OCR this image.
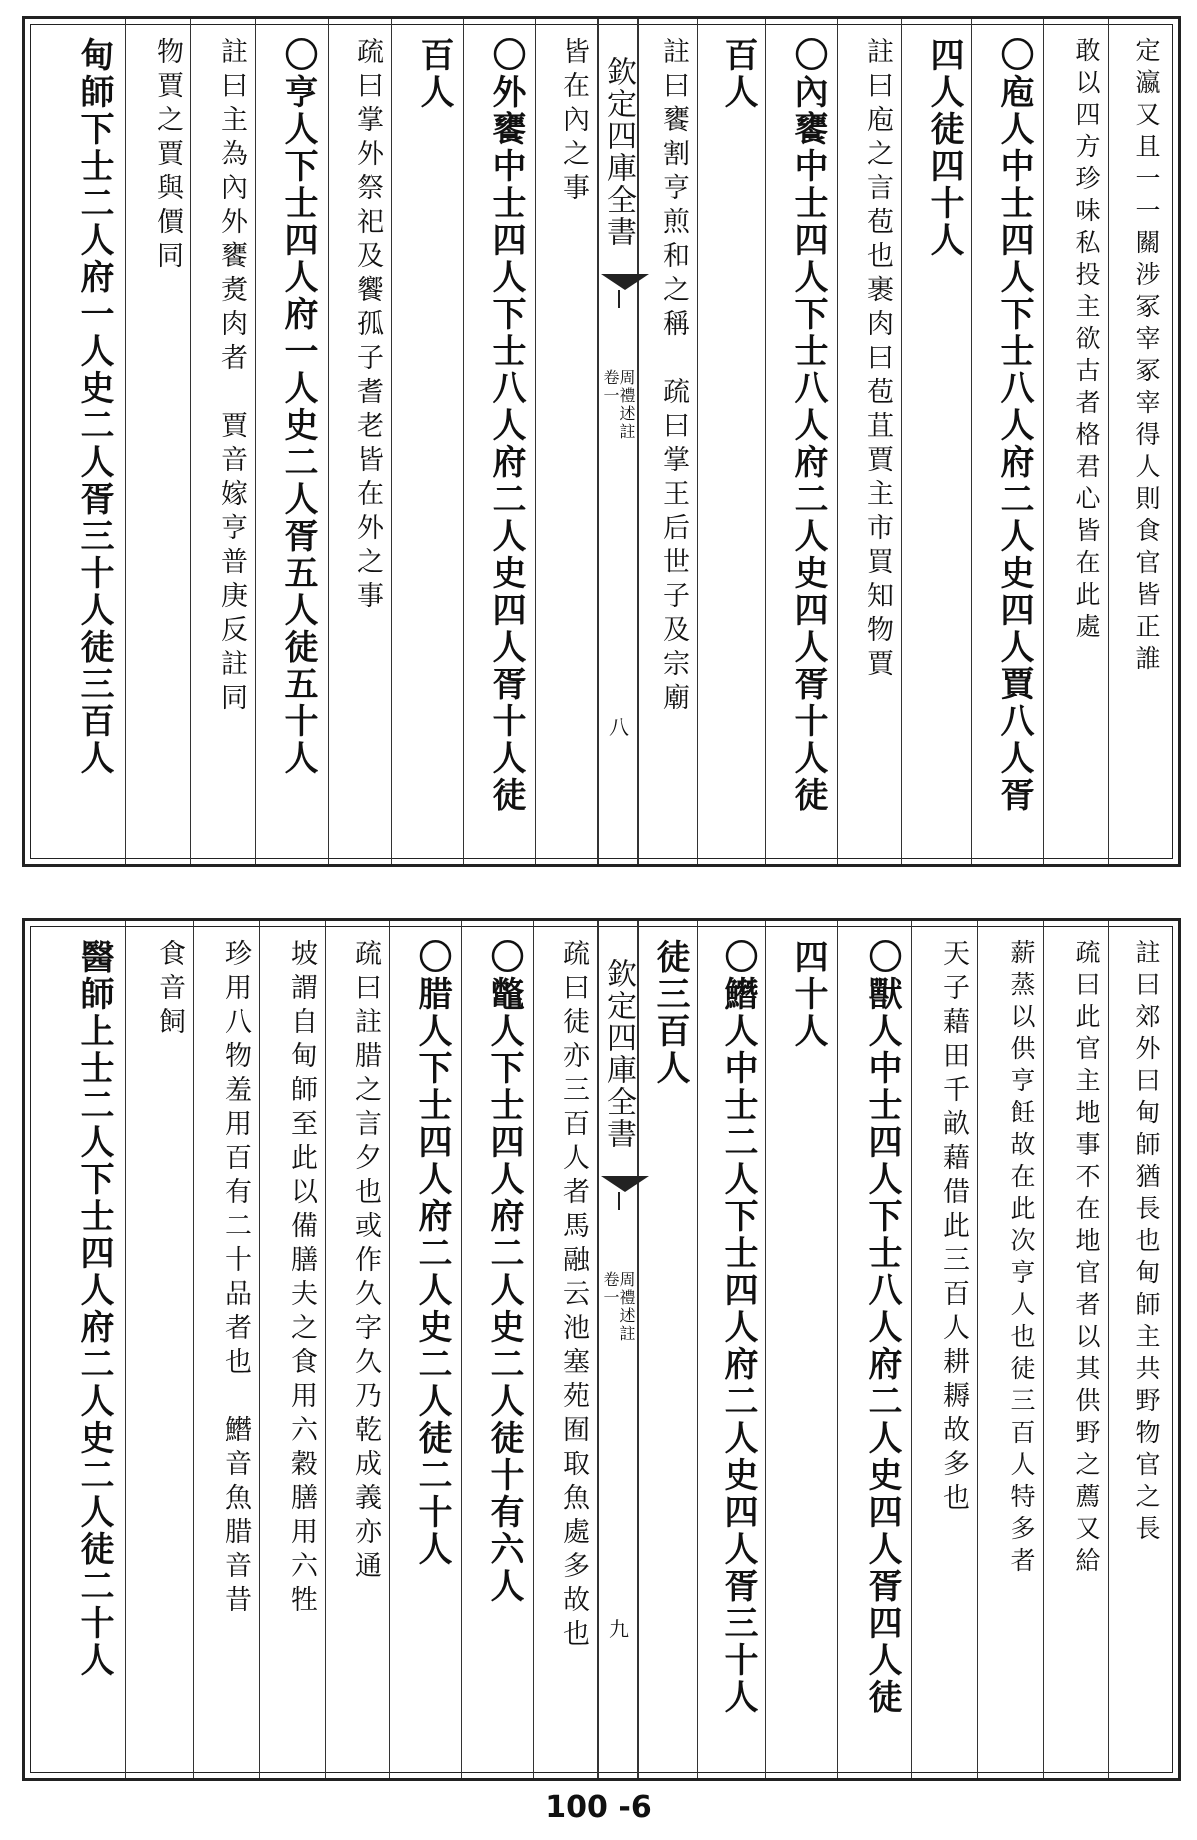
定瀛又且一一關涉冢宰冢宰得人則食官皆正誰
敢以四方珍味私投主欲古者格君心皆在此處
〇庖人中士四人下士八人府二人史四人賈八人胥
四人徒四十人
註曰庖之言苞也裹肉曰苞苴賈主市買知物賈
〇內饔中士四人下士八人府二人史四人胥十人徒
百人
註曰饔割亨煎和之稱　疏曰掌王后世子及宗廟
欽定四庫全書
周禮述註
卷一
八
皆在內之事
〇外饔中士四人下士八人府二人史四人胥十人徒
百人
疏曰掌外祭祀及饗孤子耆老皆在外之事
〇亨人下士四人府一人史二人胥五人徒五十人
註曰主為內外饔煑肉者　賈音嫁亨普庚反註同
物賈之賈與價同
甸師下士二人府一人史二人胥三十人徒三百人
註曰郊外曰甸師猶長也甸師主共野物官之長
疏曰此官主地事不在地官者以其供野之薦又給
薪蒸以供亨飪故在此次亨人也徒三百人特多者
天子藉田千畝藉借此三百人耕耨故多也
〇獸人中士四人下士八人府二人史四人胥四人徒
四十人
〇𩻛人中士二人下士四人府二人史四人胥三十人
徒三百人
欽定四庫全書
周禮述註
卷一
九
疏曰徒亦三百人者馬融云池塞苑囿取魚處多故也
〇鼈人下士四人府二人史二人徒十有六人
〇腊人下士四人府二人史二人徒二十人
疏曰註腊之言夕也或作久字久乃乾成義亦通
坡謂自甸師至此以備膳夫之食用六穀膳用六牲
珍用八物羞用百有二十品者也　𩻛音魚腊音昔
食音飼
醫師上士二人下士四人府二人史二人徒二十人
100 -6
